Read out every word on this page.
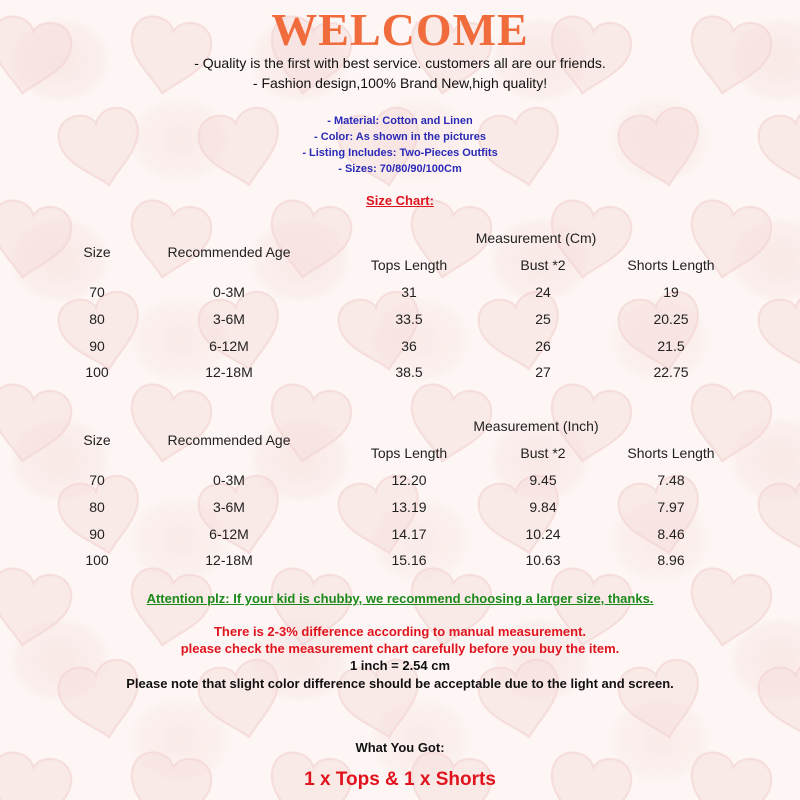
WELCOME
- Quality is the first with best service. customers all are our friends.
- Fashion design,100% Brand New,high quality!
- Material: Cotton and Linen
- Color: As shown in the pictures
- Listing Includes: Two-Pieces Outfits
- Sizes: 70/80/90/100Cm
Size Chart:
Measurement (Cm)
Size	Recommended Age
Tops Length	Bust *2	Shorts Length
70	0-3M	31	24	19
80	3-6M	33.5	25	20.25
90	6-12M	36	26	21.5
100	12-18M	38.5	27	22.75
Measurement (Inch)
Size	Recommended Age
Tops Length	Bust *2	Shorts Length
70	0-3M	12.20	9.45	7.48
80	3-6M	13.19	9.84	7.97
90	6-12M	14.17	10.24	8.46
100	12-18M	15.16	10.63	8.96
Attention plz: If your kid is chubby, we recommend choosing a larger size, thanks.
There is 2-3% difference according to manual measurement.
please check the measurement chart carefully before you buy the item.
1 inch = 2.54 cm
Please note that slight color difference should be acceptable due to the light and screen.
What You Got:
1 x Tops & 1 x Shorts
